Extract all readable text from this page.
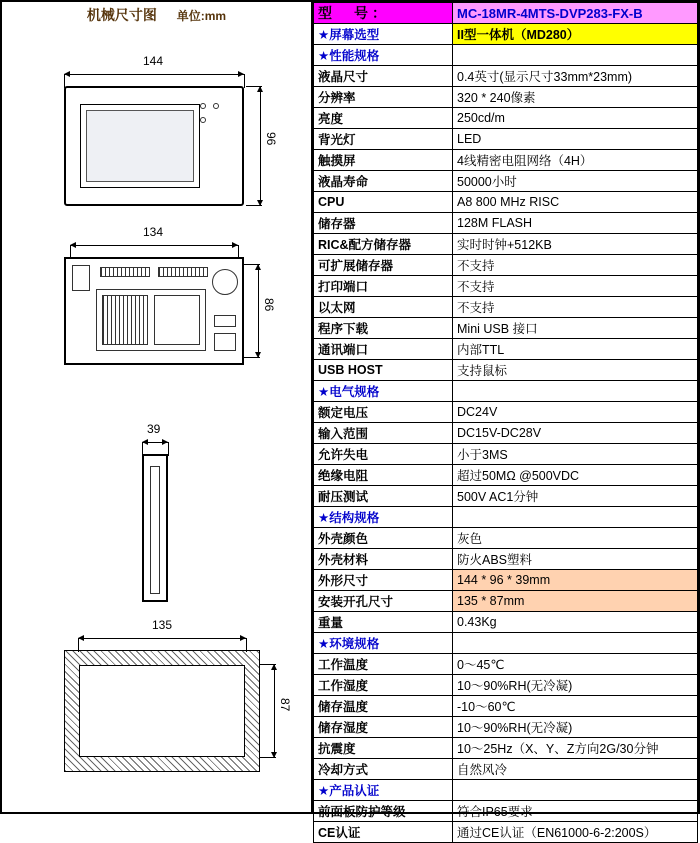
机械尺寸图 单位:mm
144

96
134
86
39
135
87
型　号：	MC-18MR-4MTS-DVP283-FX-B
★屏幕选型	II型一体机（MD280）
★性能规格	
液晶尺寸	0.4英寸(显示尺寸33mm*23mm)
分辨率	320 * 240像素
亮度	250cd/m
背光灯	LED
触摸屏	4线精密电阻网络（4H）
液晶寿命	50000小时
CPU	A8 800 MHz RISC
储存器	128M FLASH
RIC&配方储存器	实时时钟+512KB
可扩展储存器	不支持
打印端口	不支持
以太网	不支持
程序下载	Mini USB 接口
通讯端口	内部TTL
USB HOST	支持鼠标
★电气规格	
额定电压	DC24V
输入范围	DC15V-DC28V
允许失电	小于3MS
绝缘电阻	超过50MΩ @500VDC
耐压测试	500V AC1分钟
★结构规格	
外壳颜色	灰色
外壳材料	防火ABS塑料
外形尺寸	144 * 96 * 39mm
安装开孔尺寸	135 * 87mm
重量	0.43Kg
★环境规格	
工作温度	0～45℃
工作湿度	10～90%RH(无冷凝)
储存温度	-10～60℃
储存湿度	10～90%RH(无冷凝)
抗震度	10～25Hz（X、Y、Z方向2G/30分钟
冷却方式	自然风冷
★产品认证	
前面板防护等级	符合IP65要求
CE认证	通过CE认证（EN61000-6-2:200S）
